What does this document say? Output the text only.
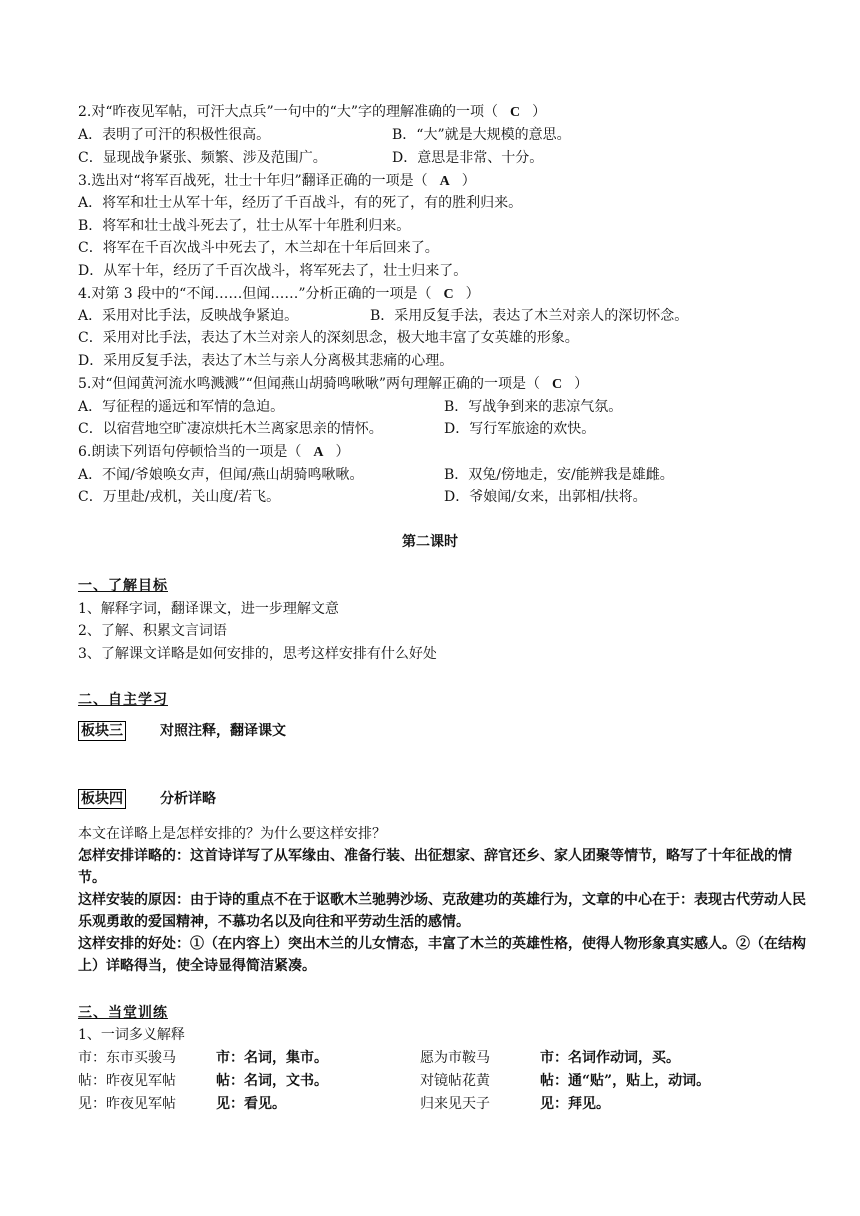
2.对“昨夜见军帖，可汗大点兵”一句中的“大”字的理解准确的一项（ C ）
A．表明了可汗的积极性很高。	B．“大”就是大规模的意思。
C．显现战争紧张、频繁、涉及范围广。	D．意思是非常、十分。
3.选出对“将军百战死，壮士十年归”翻译正确的一项是（ A ）
A．将军和壮士从军十年，经历了千百战斗，有的死了，有的胜利归来。
B．将军和壮士战斗死去了，壮士从军十年胜利归来。
C．将军在千百次战斗中死去了，木兰却在十年后回来了。
D．从军十年，经历了千百次战斗，将军死去了，壮士归来了。
4.对第 3 段中的“不闻……但闻……”分析正确的一项是（ C ）
A．采用对比手法，反映战争紧迫。	B．采用反复手法，表达了木兰对亲人的深切怀念。
C．采用对比手法，表达了木兰对亲人的深刻思念，极大地丰富了女英雄的形象。
D．采用反复手法，表达了木兰与亲人分离极其悲痛的心理。
5.对“但闻黄河流水鸣溅溅”“但闻燕山胡骑鸣啾啾”两句理解正确的一项是（ C ）
A．写征程的遥远和军情的急迫。	B．写战争到来的悲凉气氛。
C．以宿营地空旷凄凉烘托木兰离家思亲的情怀。	D．写行军旅途的欢快。
6.朗读下列语句停顿恰当的一项是（ A ）
A．不闻/爷娘唤女声，但闻/燕山胡骑鸣啾啾。	B．双兔/傍地走，安/能辨我是雄雌。
C．万里赴/戎机，关山度/若飞。	D．爷娘闻/女来，出郭相/扶将。
第二课时
一、了解目标
1、解释字词，翻译课文，进一步理解文意
2、了解、积累文言词语
3、了解课文详略是如何安排的，思考这样安排有什么好处
二、自主学习
板块三	对照注释，翻译课文
板块四	分析详略
本文在详略上是怎样安排的？为什么要这样安排？
怎样安排详略的：这首诗详写了从军缘由、准备行装、出征想家、辞官还乡、家人团聚等情节，略写了十年征战的情节。
这样安装的原因：由于诗的重点不在于讴歌木兰驰骋沙场、克敌建功的英雄行为，文章的中心在于：表现古代劳动人民乐观勇敢的爱国精神，不慕功名以及向往和平劳动生活的感情。
这样安排的好处：①（在内容上）突出木兰的儿女情态，丰富了木兰的英雄性格，使得人物形象真实感人。②（在结构上）详略得当，使全诗显得简洁紧凑。
三、当堂训练
1、一词多义解释
市：东市买骏马	市：名词，集市。	愿为市鞍马	市：名词作动词，买。
帖：昨夜见军帖	帖：名词，文书。	对镜帖花黄	帖：通“贴”，贴上，动词。
见：昨夜见军帖	见：看见。	归来见天子	见：拜见。
